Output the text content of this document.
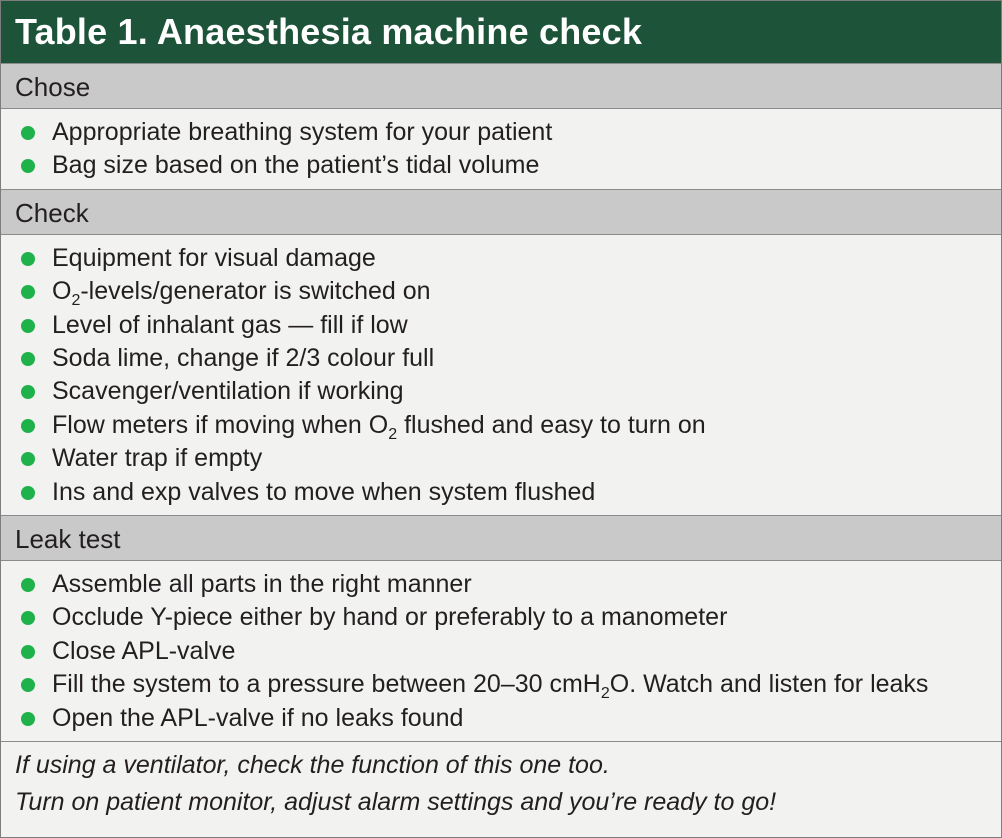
Table 1. Anaesthesia machine check
Chose
Appropriate breathing system for your patient
Bag size based on the patient’s tidal volume
Check
Equipment for visual damage
$O_2-levels$/generator is switched on
Level of inhalant gas — fill if low
Soda lime, change if 2/3 colour full
Scavenger/ventilation if working
Flow meters if moving when $O_2$ flushed and easy to turn on
Water trap if empty
Ins and exp valves to move when system flushed
Leak test
Assemble all parts in the right manner
Occlude Y-piece either by hand or preferably to a manometer
Close APL-valve
Fill the system to a pressure between 20–30 cmH$_2$O. Watch and listen for leaks
Open the APL-valve if no leaks found
If using a ventilator, check the function of this one too.
Turn on patient monitor, adjust alarm settings and you’re ready to go!
